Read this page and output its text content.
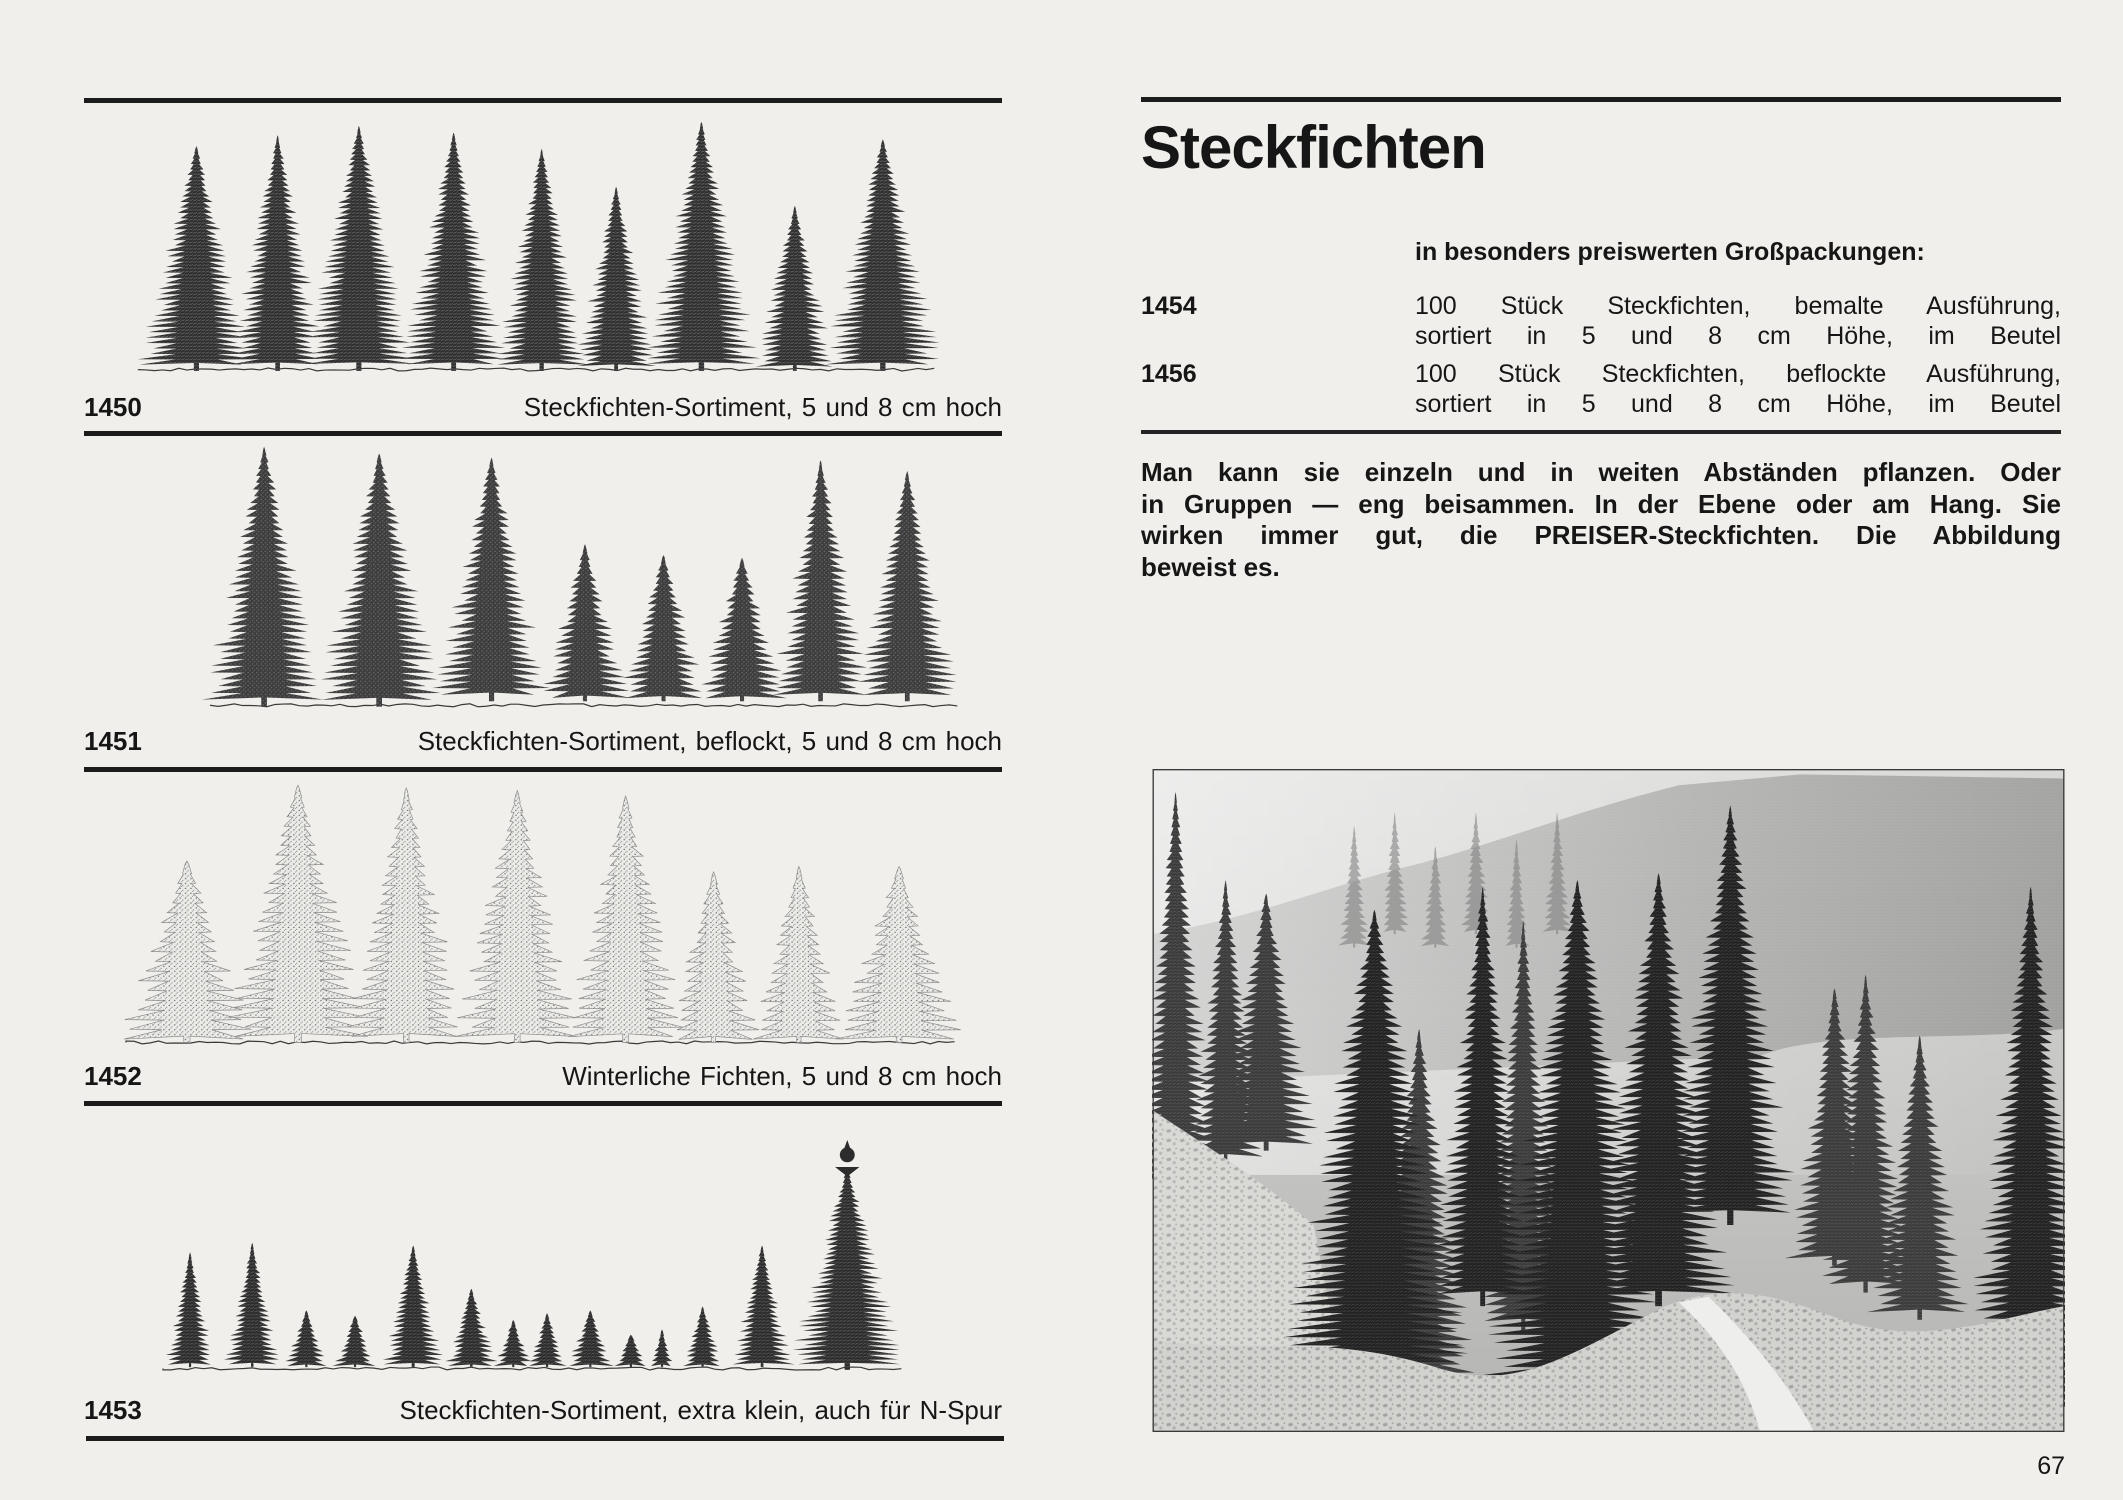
1450	Steckfichten-Sortiment, 5 und 8 cm hoch
1451	Steckfichten-Sortiment, beflockt, 5 und 8 cm hoch
1452	Winterliche Fichten, 5 und 8 cm hoch
1453	Steckfichten-Sortiment, extra klein, auch für N-Spur
Steckfichten
in besonders preiswerten Großpackungen:
1454	100 Stück Steckfichten, bemalte Ausführung,
sortiert in 5 und 8 cm Höhe, im Beutel
1456	100 Stück Steckfichten, beflockte Ausführung,
sortiert in 5 und 8 cm Höhe, im Beutel
Man kann sie einzeln und in weiten Abständen pflanzen. Oder
in Gruppen — eng beisammen. In der Ebene oder am Hang. Sie
wirken immer gut, die PREISER-Steckfichten. Die Abbildung
beweist es.
67
